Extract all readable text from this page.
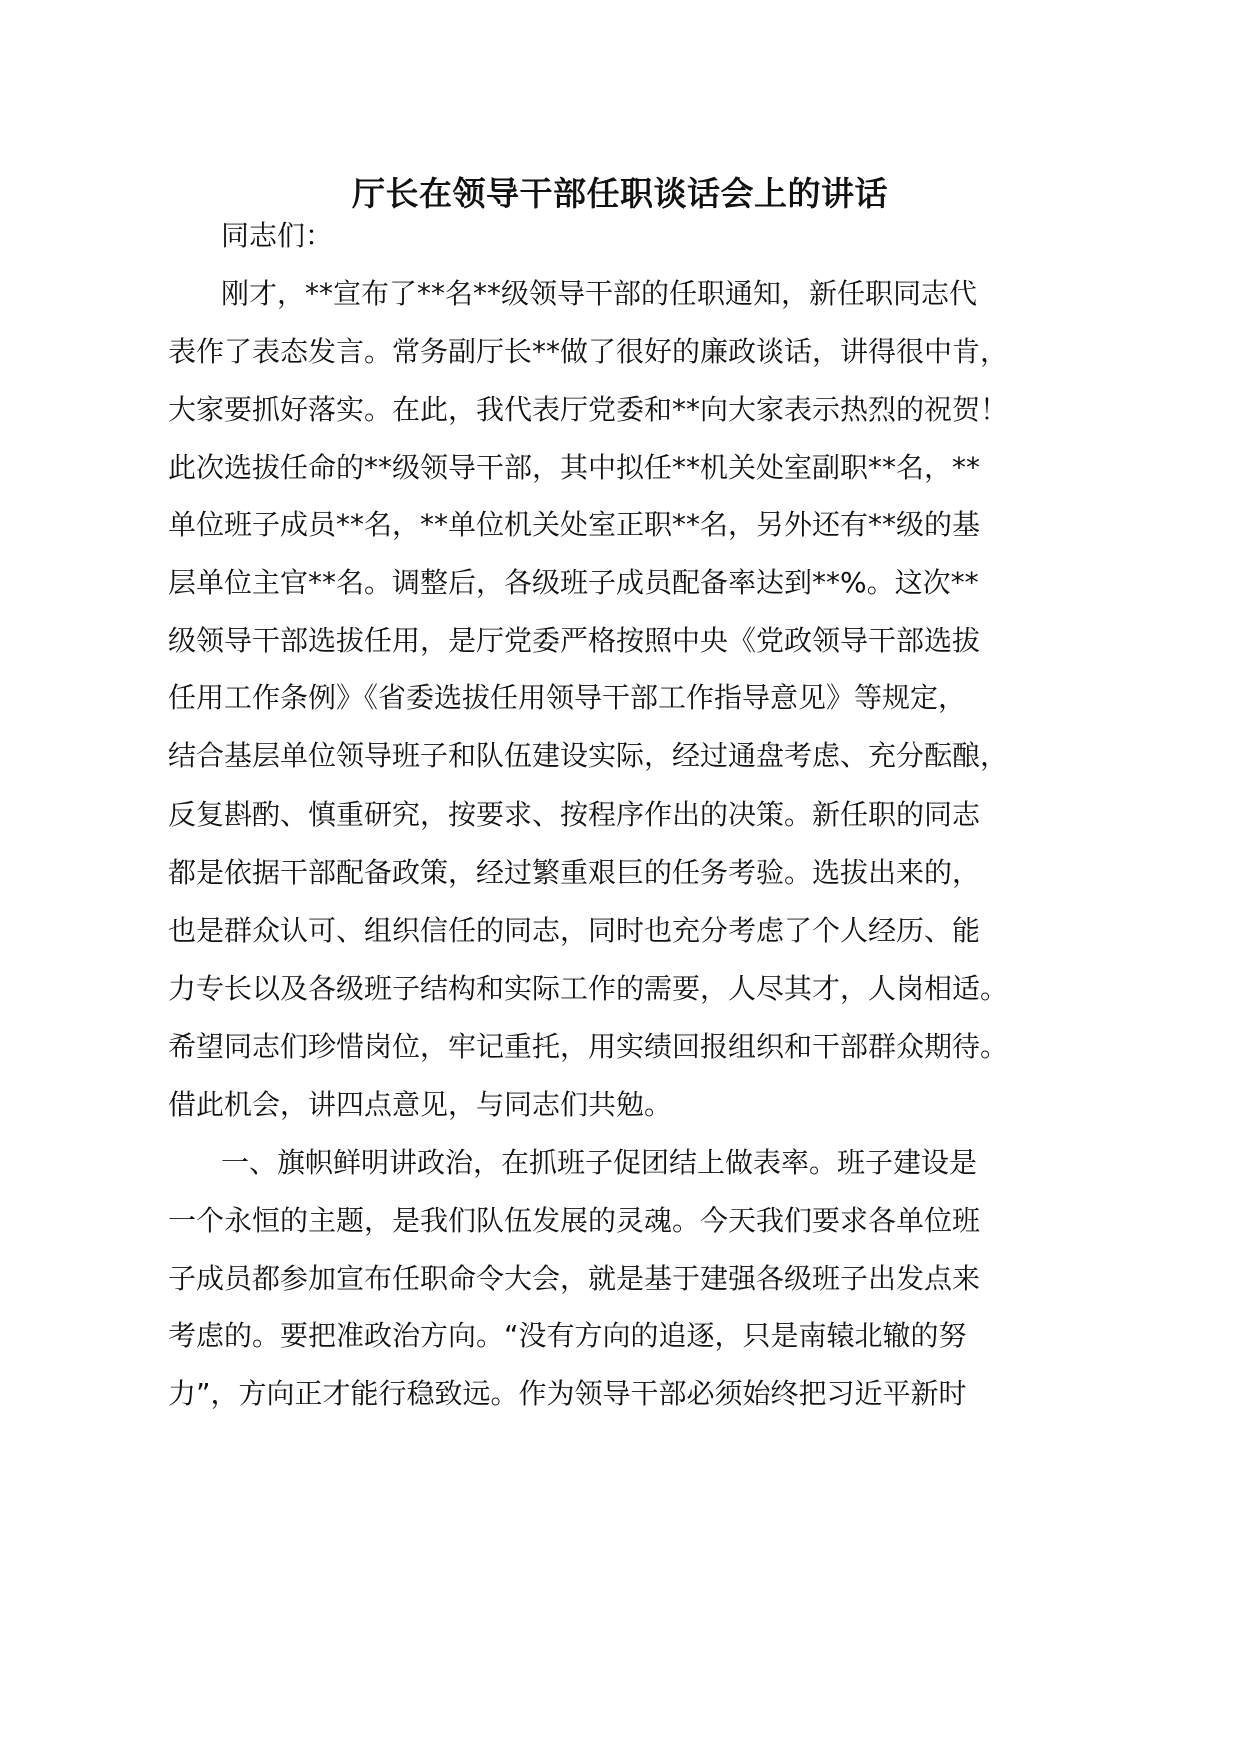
厅长在领导干部任职谈话会上的讲话
同志们：
刚才，**宣布了**名**级领导干部的任职通知，新任职同志代
表作了表态发言。常务副厅长**做了很好的廉政谈话，讲得很中肯，
大家要抓好落实。在此，我代表厅党委和**向大家表示热烈的祝贺！
此次选拔任命的**级领导干部，其中拟任**机关处室副职**名，**
单位班子成员**名，**单位机关处室正职**名，另外还有**级的基
层单位主官**名。调整后，各级班子成员配备率达到**%。这次**
级领导干部选拔任用，是厅党委严格按照中央《党政领导干部选拔
任用工作条例》《省委选拔任用领导干部工作指导意见》等规定，
结合基层单位领导班子和队伍建设实际，经过通盘考虑、充分酝酿，
反复斟酌、慎重研究，按要求、按程序作出的决策。新任职的同志
都是依据干部配备政策，经过繁重艰巨的任务考验。选拔出来的，
也是群众认可、组织信任的同志，同时也充分考虑了个人经历、能
力专长以及各级班子结构和实际工作的需要，人尽其才，人岗相适。
希望同志们珍惜岗位，牢记重托，用实绩回报组织和干部群众期待。
借此机会，讲四点意见，与同志们共勉。
一、旗帜鲜明讲政治，在抓班子促团结上做表率。班子建设是
一个永恒的主题，是我们队伍发展的灵魂。今天我们要求各单位班
子成员都参加宣布任职命令大会，就是基于建强各级班子出发点来
考虑的。要把准政治方向。“没有方向的追逐，只是南辕北辙的努
力”，方向正才能行稳致远。作为领导干部必须始终把习近平新时
